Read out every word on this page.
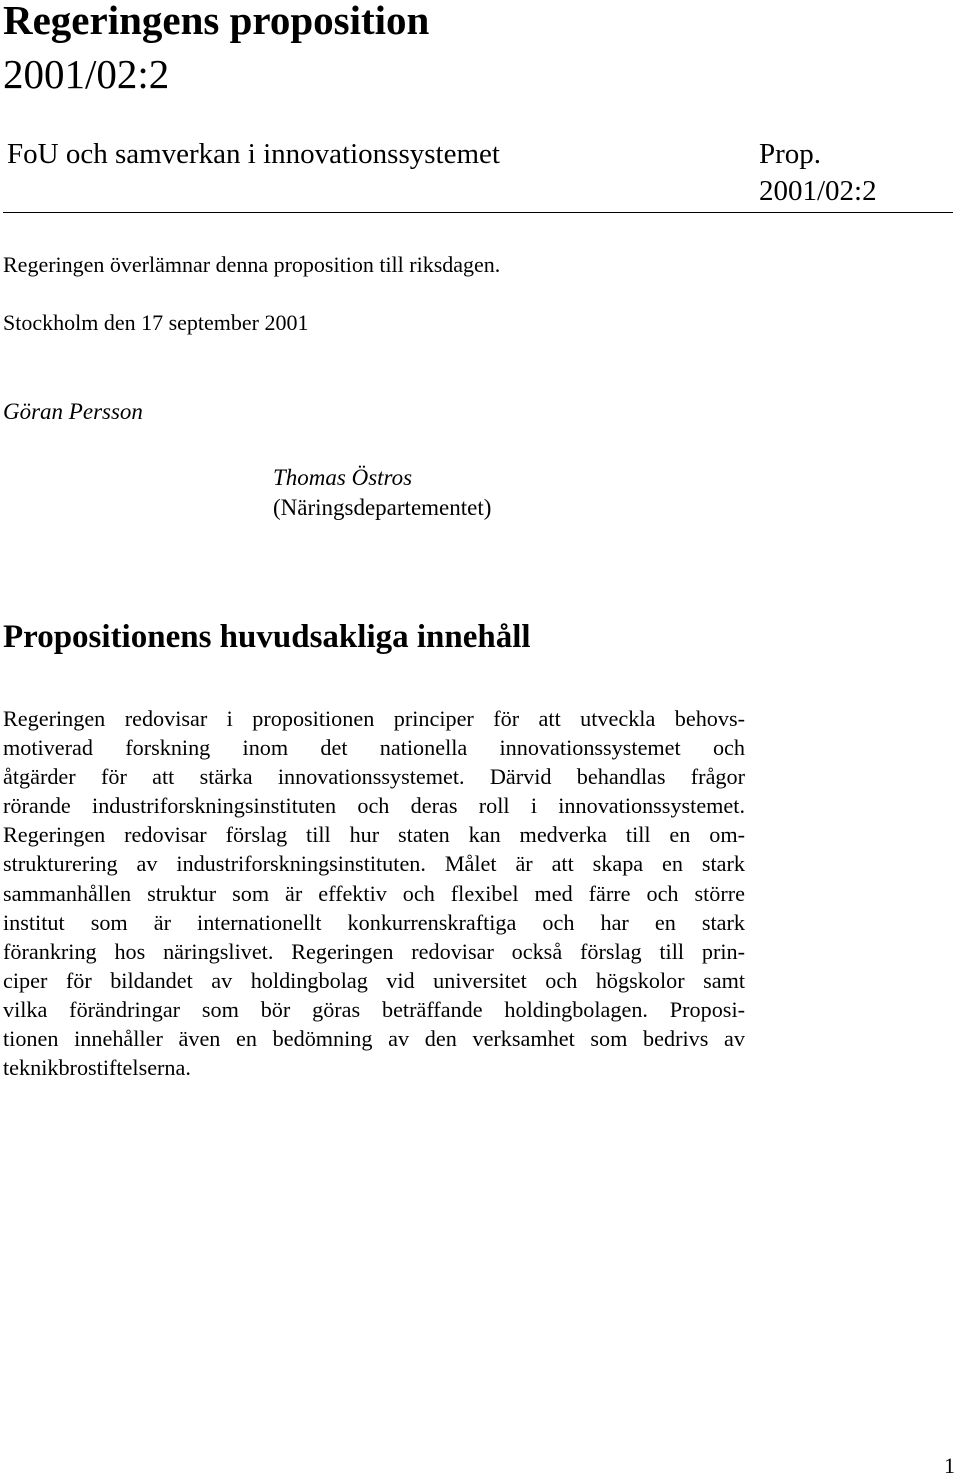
Regeringens proposition
2001/02:2
FoU och samverkan i innovationssystemet	Prop.
2001/02:2

Regeringen överlämnar denna proposition till riksdagen.

Stockholm den 17 september 2001

Göran Persson
Thomas Östros
(Näringsdepartementet)
Propositionens huvudsakliga innehåll
Regeringen redovisar i propositionen principer för att utveckla behovs-
motiverad forskning inom det nationella innovationssystemet och
åtgärder för att stärka innovationssystemet. Därvid behandlas frågor
rörande industriforskningsinstituten och deras roll i innovationssystemet.
Regeringen redovisar förslag till hur staten kan medverka till en om-
strukturering av industriforskningsinstituten. Målet är att skapa en stark
sammanhållen struktur som är effektiv och flexibel med färre och större
institut som är internationellt konkurrenskraftiga och har en stark
förankring hos näringslivet. Regeringen redovisar också förslag till prin-
ciper för bildandet av holdingbolag vid universitet och högskolor samt
vilka förändringar som bör göras beträffande holdingbolagen. Proposi-
tionen innehåller även en bedömning av den verksamhet som bedrivs av
teknikbrostiftelserna.
1
